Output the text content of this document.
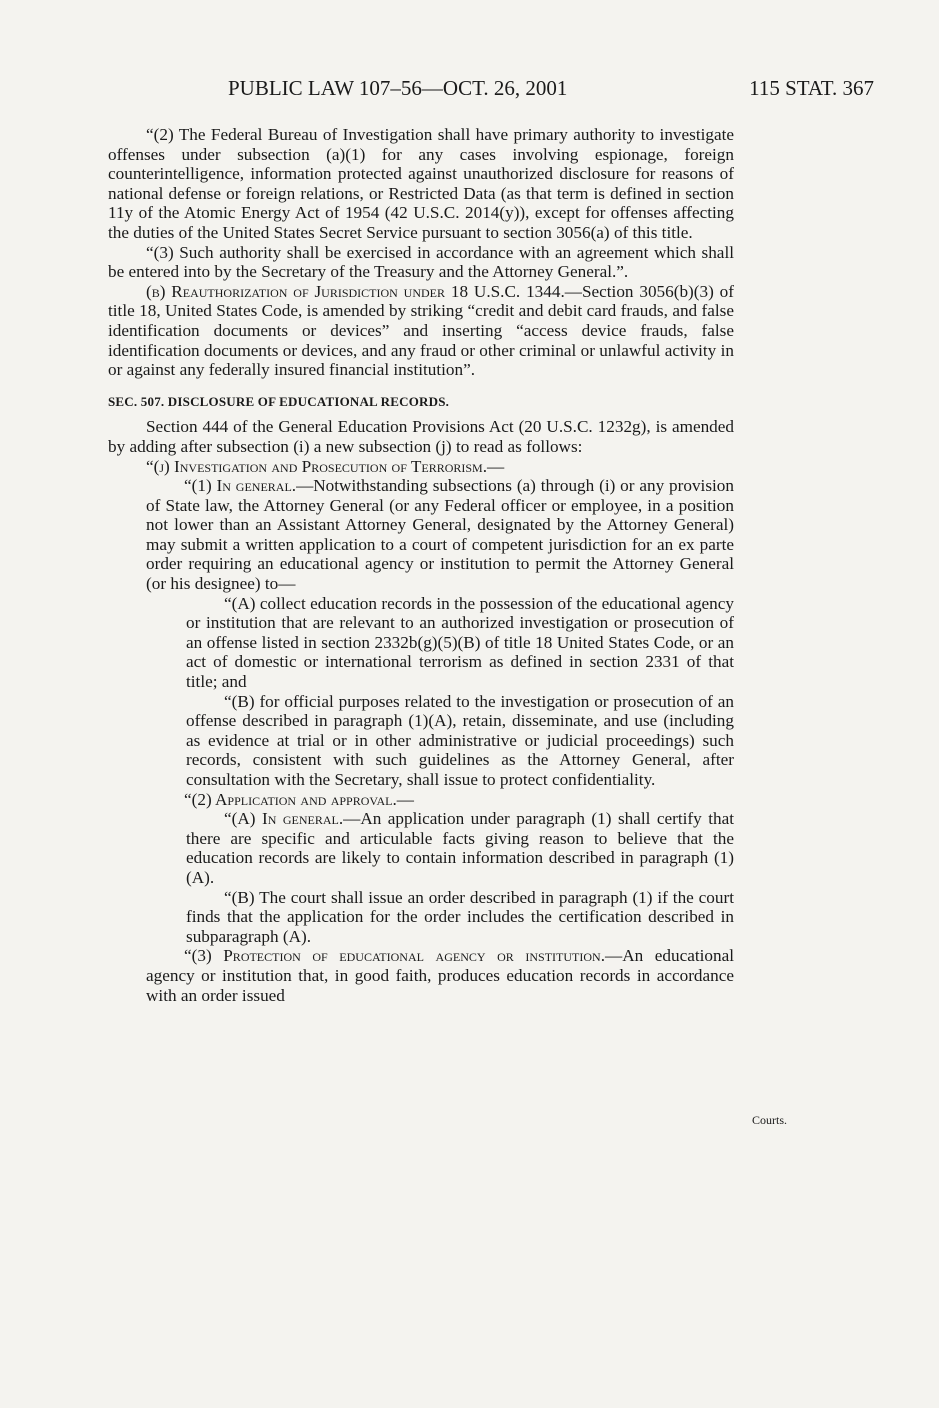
PUBLIC LAW 107–56—OCT. 26, 2001	115 STAT. 367

“(2) The Federal Bureau of Investigation shall have primary authority to investigate offenses under subsection (a)(1) for any cases involving espionage, foreign counterintelligence, information protected against unauthorized disclosure for reasons of national defense or foreign relations, or Restricted Data (as that term is defined in section 11y of the Atomic Energy Act of 1954 (42 U.S.C. 2014(y)), except for offenses affecting the duties of the United States Secret Service pursuant to section 3056(a) of this title.

“(3) Such authority shall be exercised in accordance with an agreement which shall be entered into by the Secretary of the Treasury and the Attorney General.”.

(b) Reauthorization of Jurisdiction under 18 U.S.C. 1344.—Section 3056(b)(3) of title 18, United States Code, is amended by striking “credit and debit card frauds, and false identification documents or devices” and inserting “access device frauds, false identification documents or devices, and any fraud or other criminal or unlawful activity in or against any federally insured financial institution”.

SEC. 507. DISCLOSURE OF EDUCATIONAL RECORDS.

Section 444 of the General Education Provisions Act (20 U.S.C. 1232g), is amended by adding after subsection (i) a new subsection (j) to read as follows:

“(j) Investigation and Prosecution of Terrorism.—

“(1) In general.—Notwithstanding subsections (a) through (i) or any provision of State law, the Attorney General (or any Federal officer or employee, in a position not lower than an Assistant Attorney General, designated by the Attorney General) may submit a written application to a court of competent jurisdiction for an ex parte order requiring an educational agency or institution to permit the Attorney General (or his designee) to—

“(A) collect education records in the possession of the educational agency or institution that are relevant to an authorized investigation or prosecution of an offense listed in section 2332b(g)(5)(B) of title 18 United States Code, or an act of domestic or international terrorism as defined in section 2331 of that title; and

“(B) for official purposes related to the investigation or prosecution of an offense described in paragraph (1)(A), retain, disseminate, and use (including as evidence at trial or in other administrative or judicial proceedings) such records, consistent with such guidelines as the Attorney General, after consultation with the Secretary, shall issue to protect confidentiality.

“(2) Application and approval.—

“(A) In general.—An application under paragraph (1) shall certify that there are specific and articulable facts giving reason to believe that the education records are likely to contain information described in paragraph (1)(A).

“(B) The court shall issue an order described in paragraph (1) if the court finds that the application for the order includes the certification described in subparagraph (A).

“(3) Protection of educational agency or institution.—An educational agency or institution that, in good faith, produces education records in accordance with an order issued

Courts.
